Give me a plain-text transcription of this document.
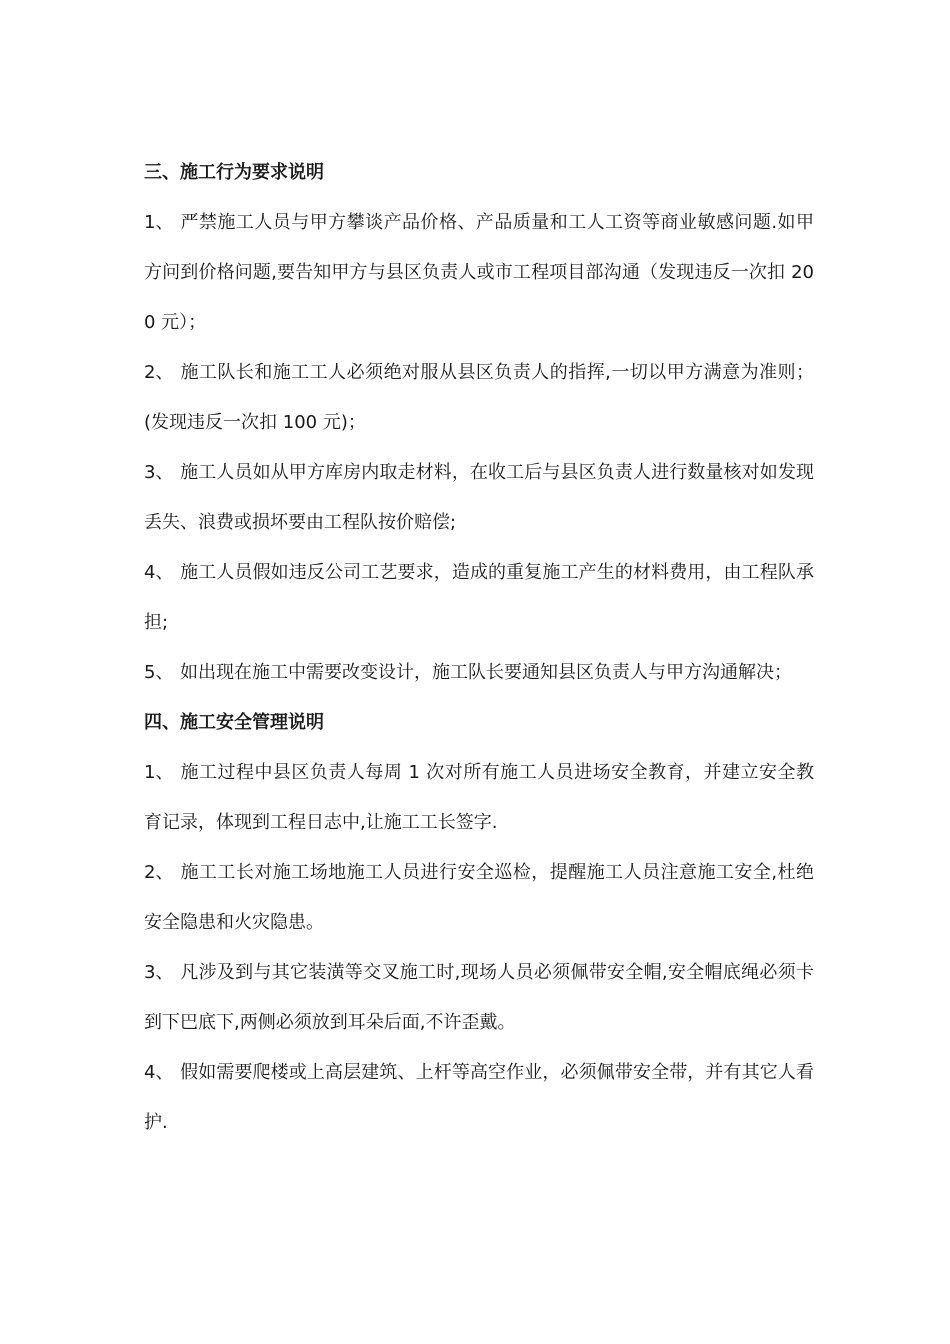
三、施工行为要求说明

1、 严禁施工人员与甲方攀谈产品价格、产品质量和工人工资等商业敏感问题.如甲方问到价格问题,要告知甲方与县区负责人或市工程项目部沟通（发现违反一次扣 200 元）；

2、 施工队长和施工工人必须绝对服从县区负责人的指挥,一切以甲方满意为准则；(发现违反一次扣 100 元)；

3、 施工人员如从甲方库房内取走材料，在收工后与县区负责人进行数量核对如发现丢失、浪费或损坏要由工程队按价赔偿;

4、 施工人员假如违反公司工艺要求，造成的重复施工产生的材料费用，由工程队承担;

5、 如出现在施工中需要改变设计，施工队长要通知县区负责人与甲方沟通解决；

四、施工安全管理说明

1、 施工过程中县区负责人每周 1 次对所有施工人员进场安全教育，并建立安全教育记录，体现到工程日志中,让施工工长签字.

2、 施工工长对施工场地施工人员进行安全巡检，提醒施工人员注意施工安全,杜绝安全隐患和火灾隐患。

3、 凡涉及到与其它装潢等交叉施工时,现场人员必须佩带安全帽,安全帽底绳必须卡到下巴底下,两侧必须放到耳朵后面,不许歪戴。

4、 假如需要爬楼或上高层建筑、上杆等高空作业，必须佩带安全带，并有其它人看护.
